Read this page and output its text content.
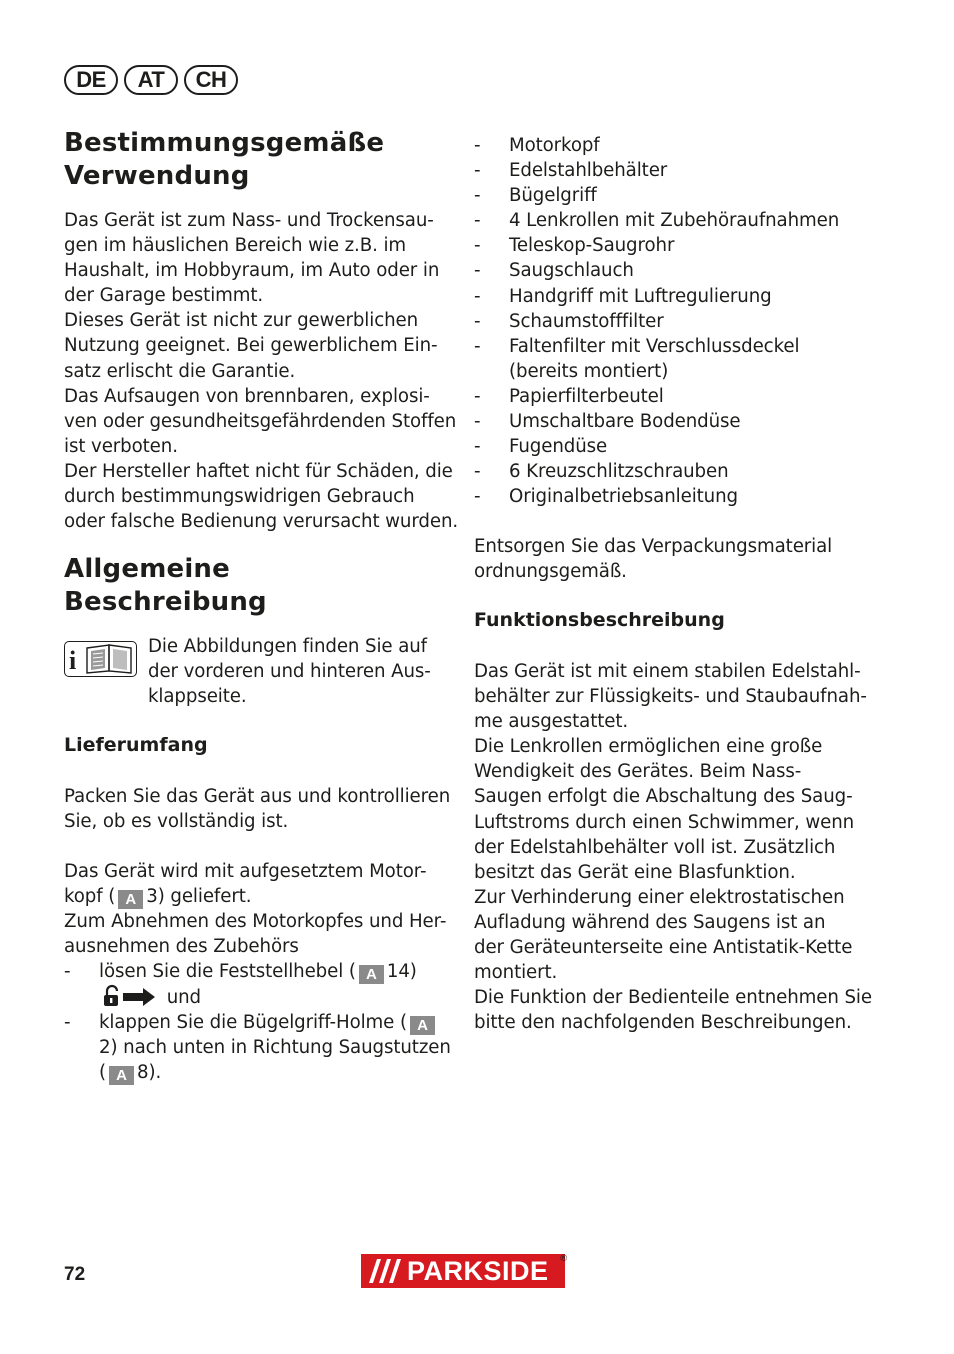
DE	AT	CH
Bestimmungsgemäße
Verwendung

Das Gerät ist zum Nass- und Trockensau-
gen im häuslichen Bereich wie z.B. im
Haushalt, im Hobbyraum, im Auto oder in
der Garage bestimmt.
Dieses Gerät ist nicht zur gewerblichen
Nutzung geeignet. Bei gewerblichem Ein-
satz erlischt die Garantie.
Das Aufsaugen von brennbaren, explosi-
ven oder gesundheitsgefährdenden Stoffen
ist verboten.
Der Hersteller haftet nicht für Schäden, die
durch bestimmungswidrigen Gebrauch
oder falsche Bedienung verursacht wurden.

Allgemeine
Beschreibung
i	Die Abbildungen finden Sie auf
der vorderen und hinteren Aus-
klappseite.

Lieferumfang

Packen Sie das Gerät aus und kontrollieren
Sie, ob es vollständig ist.

Das Gerät wird mit aufgesetztem Motor-
kopf ( A 3) geliefert.
Zum Abnehmen des Motorkopfes und Her-
ausnehmen des Zubehörs

- lösen Sie die Feststellhebel ( A 14)
und
- klappen Sie die Bügelgriff-Holme ( A
2) nach unten in Richtung Saugstutzen
( A 8).
- Motorkopf
- Edelstahlbehälter
- Bügelgriff
- 4 Lenkrollen mit Zubehöraufnahmen
- Teleskop-Saugrohr
- Saugschlauch
- Handgriff mit Luftregulierung
- Schaumstofffilter
- Faltenfilter mit Verschlussdeckel
(bereits montiert)
- Papierfilterbeutel
- Umschaltbare Bodendüse
- Fugendüse
- 6 Kreuzschlitzschrauben
- Originalbetriebsanleitung

Entsorgen Sie das Verpackungsmaterial
ordnungsgemäß.

Funktionsbeschreibung

Das Gerät ist mit einem stabilen Edelstahl-
behälter zur Flüssigkeits- und Staubaufnah-
me ausgestattet.
Die Lenkrollen ermöglichen eine große
Wendigkeit des Gerätes. Beim Nass-
Saugen erfolgt die Abschaltung des Saug-
Luftstroms durch einen Schwimmer, wenn
der Edelstahlbehälter voll ist. Zusätzlich
besitzt das Gerät eine Blasfunktion.
Zur Verhinderung einer elektrostatischen
Aufladung während des Saugens ist an
der Geräteunterseite eine Antistatik-Kette
montiert.
Die Funktion der Bedienteile entnehmen Sie
bitte den nachfolgenden Beschreibungen.

72	PARKSIDE ®
